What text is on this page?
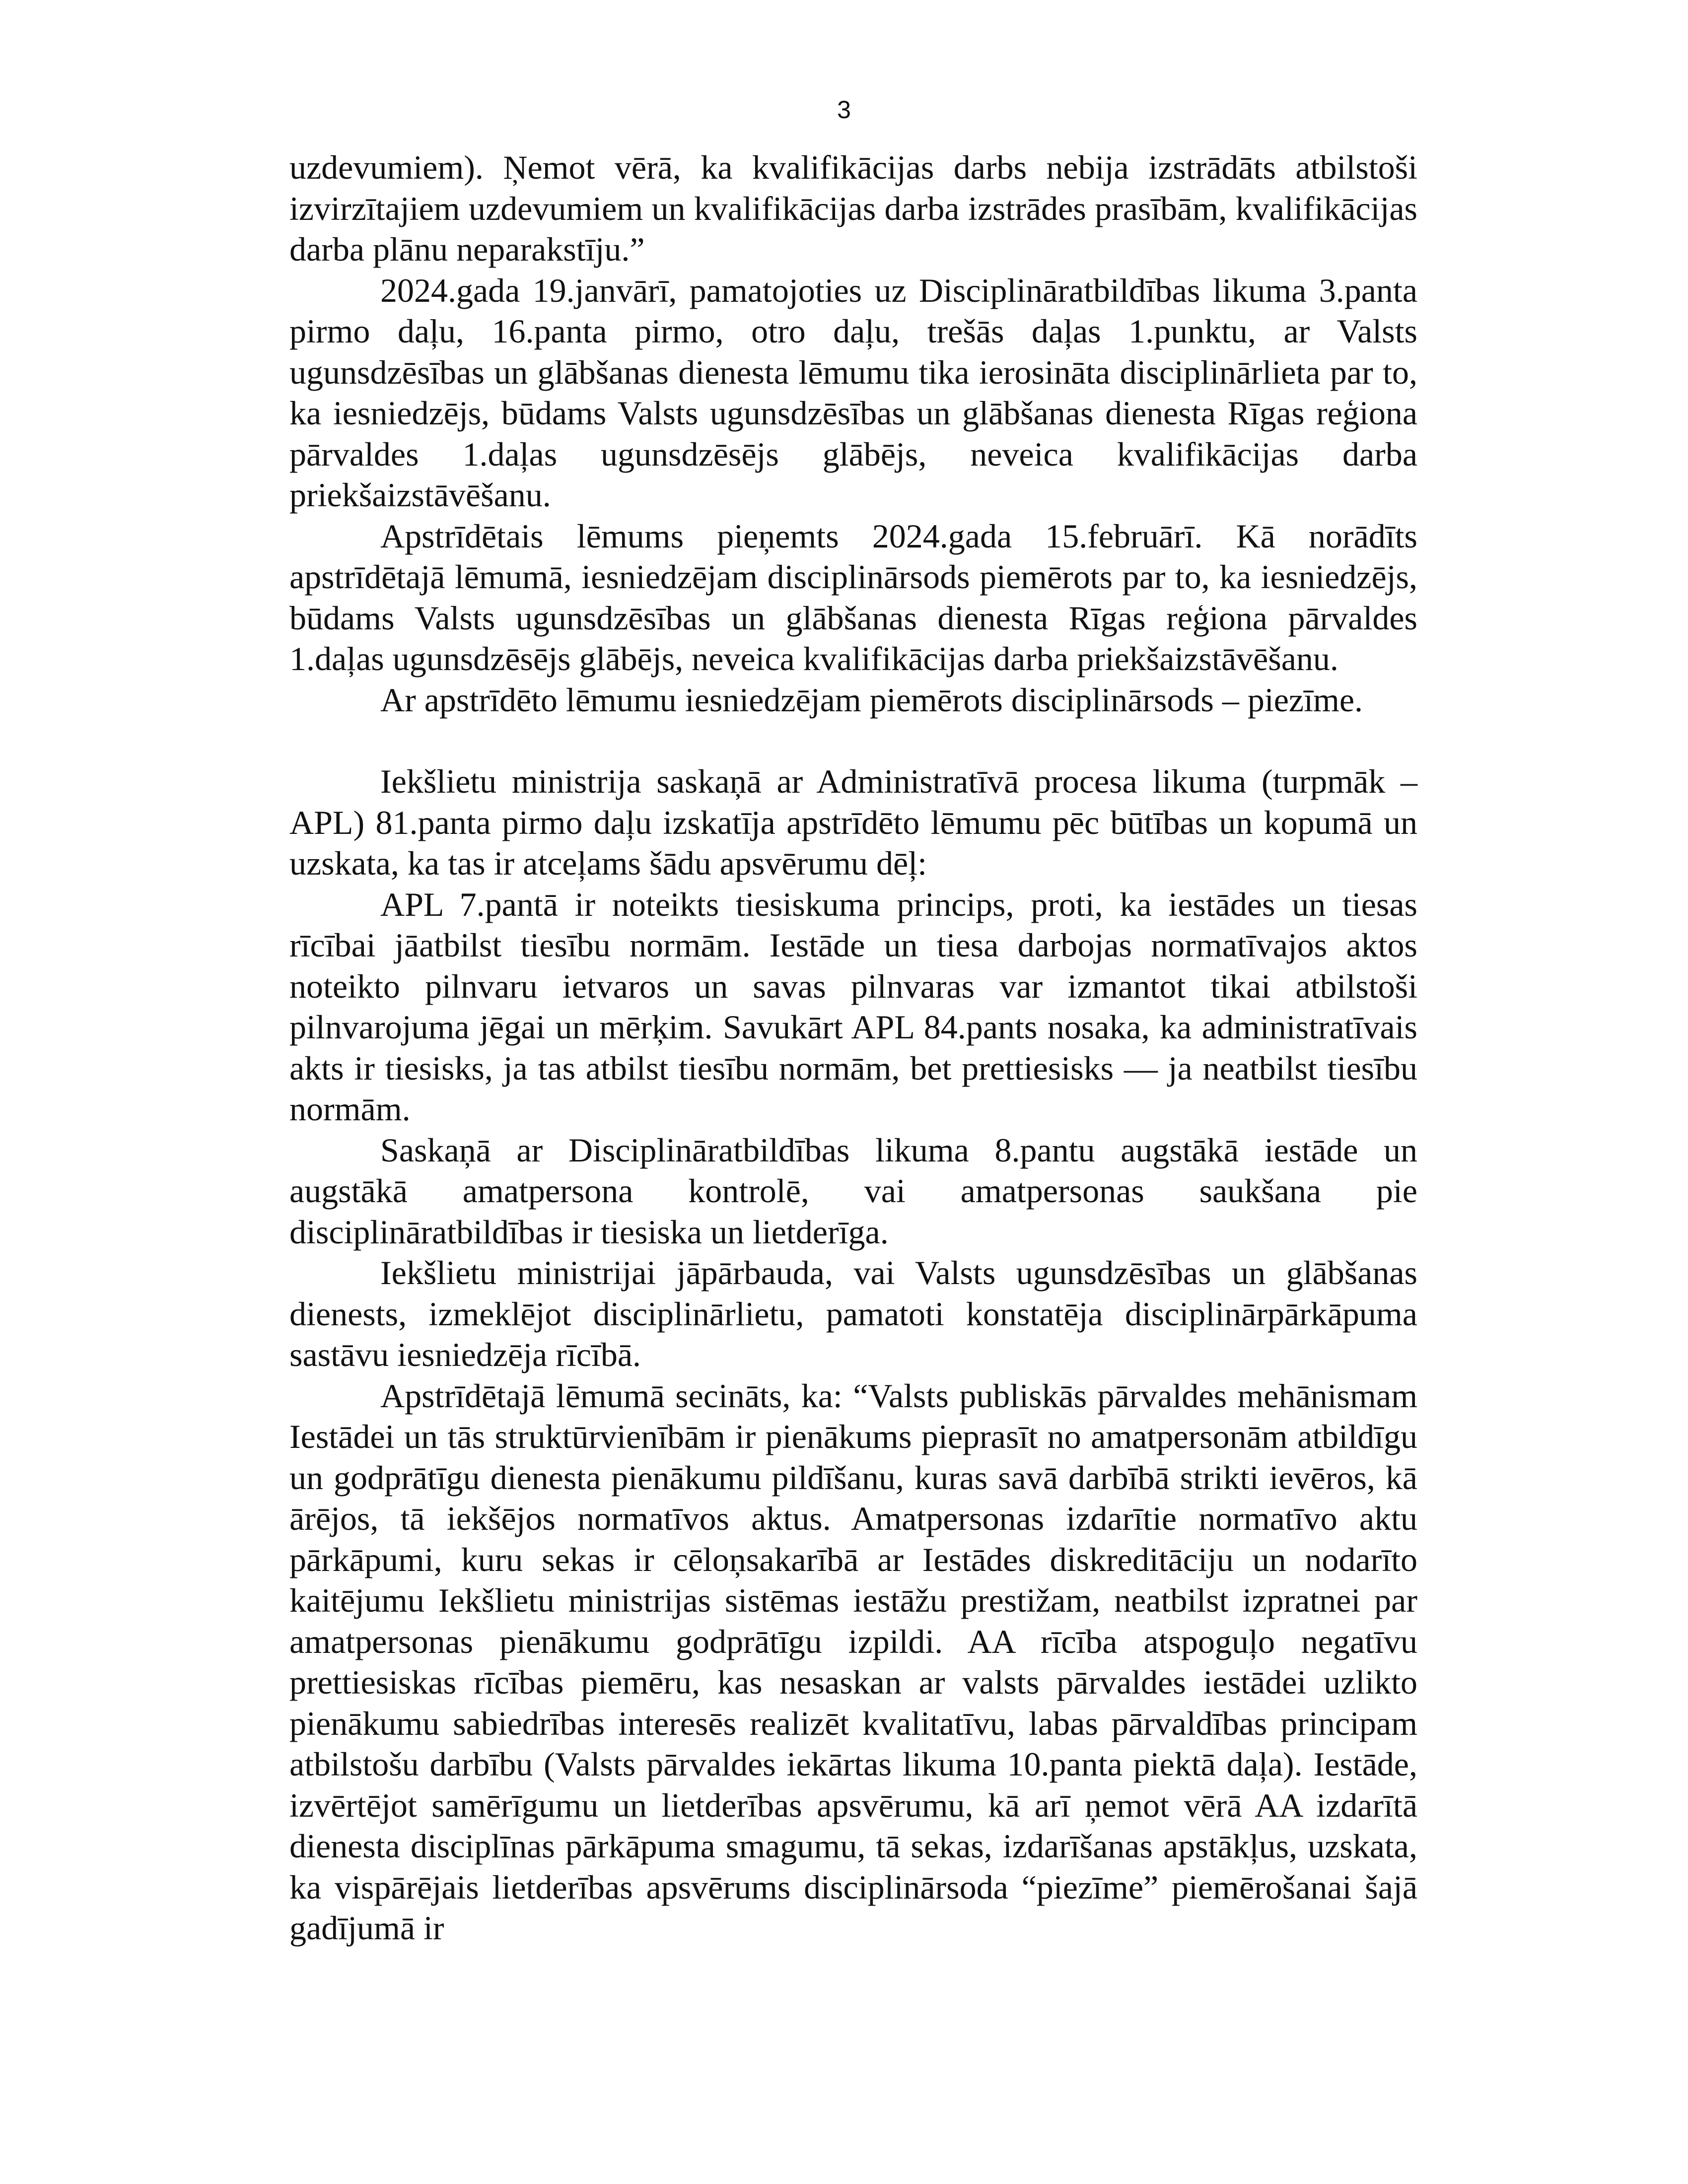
3

uzdevumiem). Ņemot vērā, ka kvalifikācijas darbs nebija izstrādāts atbilstoši izvirzītajiem uzdevumiem un kvalifikācijas darba izstrādes prasībām, kvalifikācijas darba plānu neparakstīju.”

2024.gada 19.janvārī, pamatojoties uz Disciplināratbildības likuma 3.panta pirmo daļu, 16.panta pirmo, otro daļu, trešās daļas 1.punktu, ar Valsts ugunsdzēsības un glābšanas dienesta lēmumu tika ierosināta disciplinārlieta par to, ka iesniedzējs, būdams Valsts ugunsdzēsības un glābšanas dienesta Rīgas reģiona pārvaldes 1.daļas ugunsdzēsējs glābējs, neveica kvalifikācijas darba priekšaizstāvēšanu.

Apstrīdētais lēmums pieņemts 2024.gada 15.februārī. Kā norādīts apstrīdētajā lēmumā, iesniedzējam disciplinārsods piemērots par to, ka iesniedzējs, būdams Valsts ugunsdzēsības un glābšanas dienesta Rīgas reģiona pārvaldes 1.daļas ugunsdzēsējs glābējs, neveica kvalifikācijas darba priekšaizstāvēšanu.

Ar apstrīdēto lēmumu iesniedzējam piemērots disciplinārsods – piezīme.

Iekšlietu ministrija saskaņā ar Administratīvā procesa likuma (turpmāk – APL) 81.panta pirmo daļu izskatīja apstrīdēto lēmumu pēc būtības un kopumā un uzskata, ka tas ir atceļams šādu apsvērumu dēļ:

APL 7.pantā ir noteikts tiesiskuma princips, proti, ka iestādes un tiesas rīcībai jāatbilst tiesību normām. Iestāde un tiesa darbojas normatīvajos aktos noteikto pilnvaru ietvaros un savas pilnvaras var izmantot tikai atbilstoši pilnvarojuma jēgai un mērķim. Savukārt APL 84.pants nosaka, ka administratīvais akts ir tiesisks, ja tas atbilst tiesību normām, bet prettiesisks — ja neatbilst tiesību normām.

Saskaņā ar Disciplināratbildības likuma 8.pantu augstākā iestāde un augstākā amatpersona kontrolē, vai amatpersonas saukšana pie disciplināratbildības ir tiesiska un lietderīga.

Iekšlietu ministrijai jāpārbauda, vai Valsts ugunsdzēsības un glābšanas dienests, izmeklējot disciplinārlietu, pamatoti konstatēja disciplinārpārkāpuma sastāvu iesniedzēja rīcībā.

Apstrīdētajā lēmumā secināts, ka: “Valsts publiskās pārvaldes mehānismam Iestādei un tās struktūrvienībām ir pienākums pieprasīt no amatpersonām atbildīgu un godprātīgu dienesta pienākumu pildīšanu, kuras savā darbībā strikti ievēros, kā ārējos, tā iekšējos normatīvos aktus. Amatpersonas izdarītie normatīvo aktu pārkāpumi, kuru sekas ir cēloņsakarībā ar Iestādes diskreditāciju un nodarīto kaitējumu Iekšlietu ministrijas sistēmas iestāžu prestižam, neatbilst izpratnei par amatpersonas pienākumu godprātīgu izpildi. AA rīcība atspoguļo negatīvu prettiesiskas rīcības piemēru, kas nesaskan ar valsts pārvaldes iestādei uzlikto pienākumu sabiedrības interesēs realizēt kvalitatīvu, labas pārvaldības principam atbilstošu darbību (Valsts pārvaldes iekārtas likuma 10.panta piektā daļa). Iestāde, izvērtējot samērīgumu un lietderības apsvērumu, kā arī ņemot vērā AA izdarītā dienesta disciplīnas pārkāpuma smagumu, tā sekas, izdarīšanas apstākļus, uzskata, ka vispārējais lietderības apsvērums disciplinārsoda “piezīme” piemērošanai šajā gadījumā ir
